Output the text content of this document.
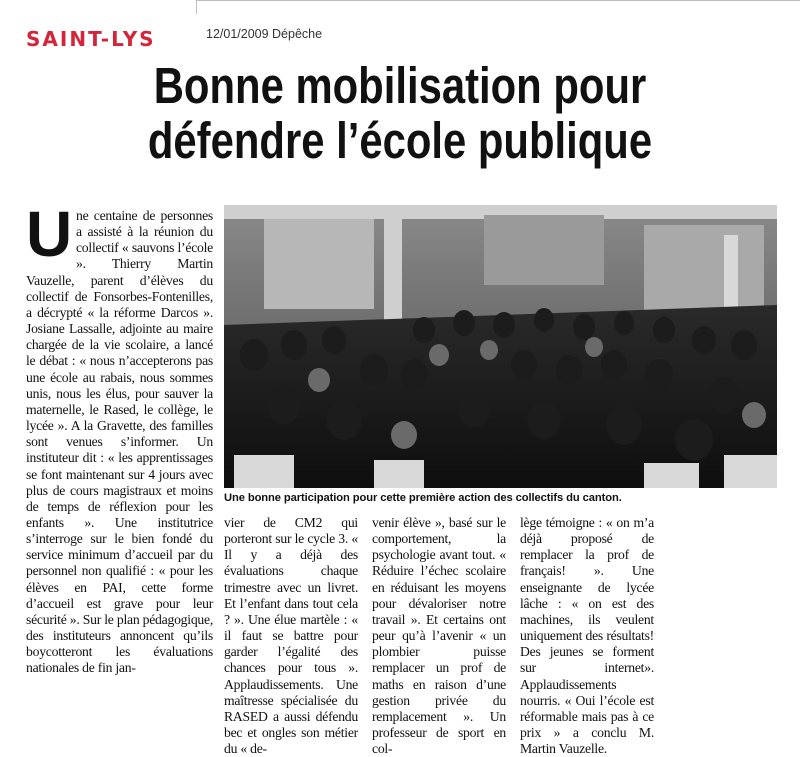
SAINT-LYS	12/01/2009 Dépêche
Bonne mobilisation pour défendre l’école publique

Une centaine de personnes a assisté à la réunion du collectif « sauvons l’école ». Thierry Martin Vauzelle, parent d’élèves du collectif de Fonsorbes-Fontenilles, a décrypté « la réforme Darcos ». Josiane Lassalle, adjointe au maire chargée de la vie scolaire, a lancé le débat : « nous n’accepterons pas une école au rabais, nous sommes unis, nous les élus, pour sauver la maternelle, le Rased, le collège, le lycée ». A la Gravette, des familles sont venues s’informer. Un instituteur dit : « les apprentissages se font maintenant sur 4 jours avec plus de cours magistraux et moins de temps de réflexion pour les enfants ». Une institutrice s’interroge sur le bien fondé du service minimum d’accueil par du personnel non qualifié : « pour les élèves en PAI, cette forme d’accueil est grave pour leur sécurité ». Sur le plan pédagogique, des instituteurs annoncent qu’ils boycotteront les évaluations nationales de fin jan-

Une bonne participation pour cette première action des collectifs du canton.

vier de CM2 qui porteront sur le cycle 3. « Il y a déjà des évaluations chaque trimestre avec un livret. Et l’enfant dans tout cela ? ». Une élue martèle : « il faut se battre pour garder l’égalité des chances pour tous ». Applaudissements. Une maîtresse spécialisée du RASED a aussi défendu bec et ongles son métier du « de-

venir élève », basé sur le comportement, la psychologie avant tout. « Réduire l’échec scolaire en réduisant les moyens pour dévaloriser notre travail ». Et certains ont peur qu’à l’avenir « un plombier puisse remplacer un prof de maths en raison d’une gestion privée du remplacement ». Un professeur de sport en col-

lège témoigne : « on m’a déjà proposé de remplacer la prof de français! ». Une enseignante de lycée lâche : « on est des machines, ils veulent uniquement des résultats! Des jeunes se forment sur internet». Applaudissements nourris. « Oui l’école est réformable mais pas à ce prix » a conclu M. Martin Vauzelle.
